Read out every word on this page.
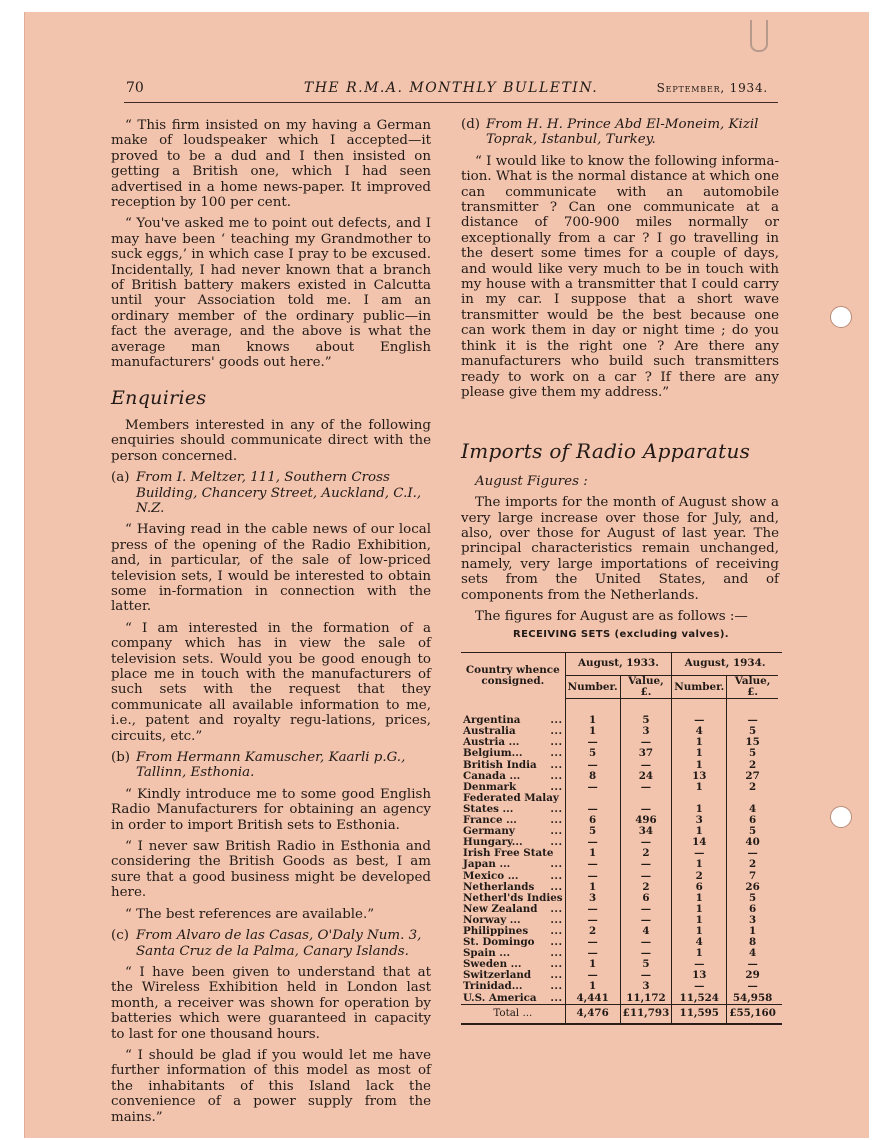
70	THE R.M.A. MONTHLY BULLETIN.	September, 1934.

“ This firm insisted on my having a German make of loudspeaker which I accepted—it proved to be a dud and I then insisted on getting a British one, which I had seen advertised in a home news-paper. It improved reception by 100 per cent.

“ You've asked me to point out defects, and I may have been ‘ teaching my Grandmother to suck eggs,’ in which case I pray to be excused. Incidentally, I had never known that a branch of British battery makers existed in Calcutta until your Association told me. I am an ordinary member of the ordinary public—in fact the average, and the above is what the average man knows about English manufacturers' goods out here.”

Enquiries

Members interested in any of the following enquiries should communicate direct with the person concerned.

(a) From I. Meltzer, 111, Southern Cross Building, Chancery Street, Auckland, C.I., N.Z.

“ Having read in the cable news of our local press of the opening of the Radio Exhibition, and, in particular, of the sale of low-priced television sets, I would be interested to obtain some in-formation in connection with the latter.

“ I am interested in the formation of a company which has in view the sale of television sets. Would you be good enough to place me in touch with the manufacturers of such sets with the request that they communicate all available information to me, i.e., patent and royalty regu-lations, prices, circuits, etc.”

(b) From Hermann Kamuscher, Kaarli p.G., Tallinn, Esthonia.

“ Kindly introduce me to some good English Radio Manufacturers for obtaining an agency in order to import British sets to Esthonia.

“ I never saw British Radio in Esthonia and considering the British Goods as best, I am sure that a good business might be developed here.

“ The best references are available.”

(c) From Alvaro de las Casas, O'Daly Num. 3, Santa Cruz de la Palma, Canary Islands.

“ I have been given to understand that at the Wireless Exhibition held in London last month, a receiver was shown for operation by batteries which were guaranteed in capacity to last for one thousand hours.

“ I should be glad if you would let me have further information of this model as most of the inhabitants of this Island lack the convenience of a power supply from the mains.”

(d) From H. H. Prince Abd El-Moneim, Kizil Toprak, Istanbul, Turkey.

“ I would like to know the following informa-tion. What is the normal distance at which one can communicate with an automobile transmitter ? Can one communicate at a distance of 700-900 miles normally or exceptionally from a car ? I go travelling in the desert some times for a couple of days, and would like very much to be in touch with my house with a transmitter that I could carry in my car. I suppose that a short wave transmitter would be the best because one can work them in day or night time ; do you think it is the right one ? Are there any manufacturers who build such transmitters ready to work on a car ? If there are any please give them my address.”

Imports of Radio Apparatus

August Figures :

The imports for the month of August show a very large increase over those for July, and, also, over those for August of last year. The principal characteristics remain unchanged, namely, very large importations of receiving sets from the United States, and of components from the Netherlands.

The figures for August are as follows :—

RECEIVING SETS (excluding valves).
Country whence consigned.	August, 1933.		August, 1934.		
	Number.	Value, £.	Number.	Value, £.	

Argentina ...	1	5	—	—	
Australia ...	1	3	4	5	
Austria ... ...	—	—	1	15	
Belgium... ...	5	37	1	5	
British India ...	—	—	1	2	
Canada ... ...	8	24	13	27	
Denmark ...	—	—	1	2	
Federated Malay					
States ... ...	—	—	1	4	
France ... ...	6	496	3	6	
Germany ...	5	34	1	5	
Hungary... ...	—	—	14	40	
Irish Free State	1	2	—	—	
Japan ... ...	—	—	1	2	
Mexico ... ...	—	—	2	7	
Netherlands ...	1	2	6	26	
Netherl'ds Indies	3	6	1	5	
New Zealand ...	—	—	1	6	
Norway ... ...	—	—	1	3	
Philippines ...	2	4	1	1	
St. Domingo ...	—	—	4	8	
Spain ... ...	—	—	1	4	
Sweden ... ...	1	5	—	—	
Switzerland ...	—	—	13	29	
Trinidad... ...	1	3	—	—	
U.S. America ...	4,441	11,172	11,524	54,958	
Total ...	4,476	£11,793	11,595	£55,160	
